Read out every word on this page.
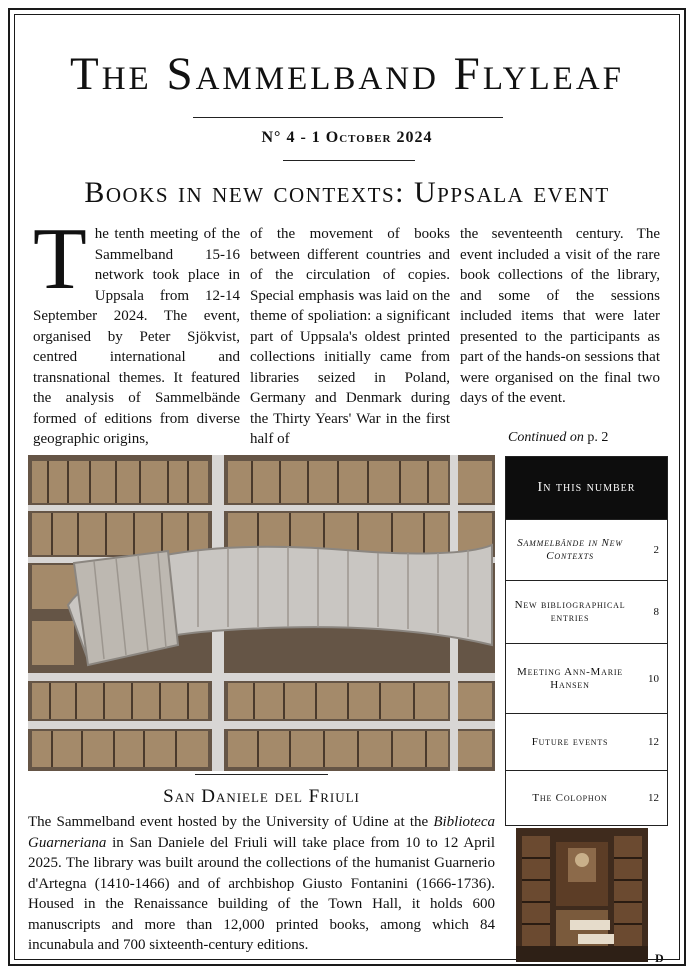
The Sammelband Flyleaf
N° 4 - 1 October 2024
Books in new contexts: Uppsala event
The tenth meeting of the Sammelband 15-16 network took place in Uppsala from 12-14 September 2024. The event, organised by Peter Sjökvist, centred international and transnational themes. It featured the analysis of Sammelbände formed of editions from diverse geographic origins,
of the movement of books between different countries and of the circulation of copies. Special emphasis was laid on the theme of spoliation: a significant part of Uppsala's oldest printed collections initially came from libraries seized in Poland, Germany and Denmark during the Thirty Years' War in the first half of
the seventeenth century. The event included a visit of the rare book collections of the library, and some of the sessions included items that were later presented to the participants as part of the hands-on sessions that were organised on the final two days of the event.
Continued on p. 2
San Daniele del Friuli
The Sammelband event hosted by the University of Udine at the Biblioteca Guarneriana in San Daniele del Friuli will take place from 10 to 12 April 2025. The library was built around the collections of the humanist Guarnerio d'Artegna (1410-1466) and of archbishop Giusto Fontanini (1666-1736). Housed in the Renaissance building of the Town Hall, it holds 600 manuscripts and more than 12,000 printed books, among which 84 incunabula and 700 sixteenth-century editions.
In this number
Sammelbände in New Contexts	2
New bibliographical entries	8
Meeting Ann-Marie Hansen	10
Future events	12
The Colophon	12
D
